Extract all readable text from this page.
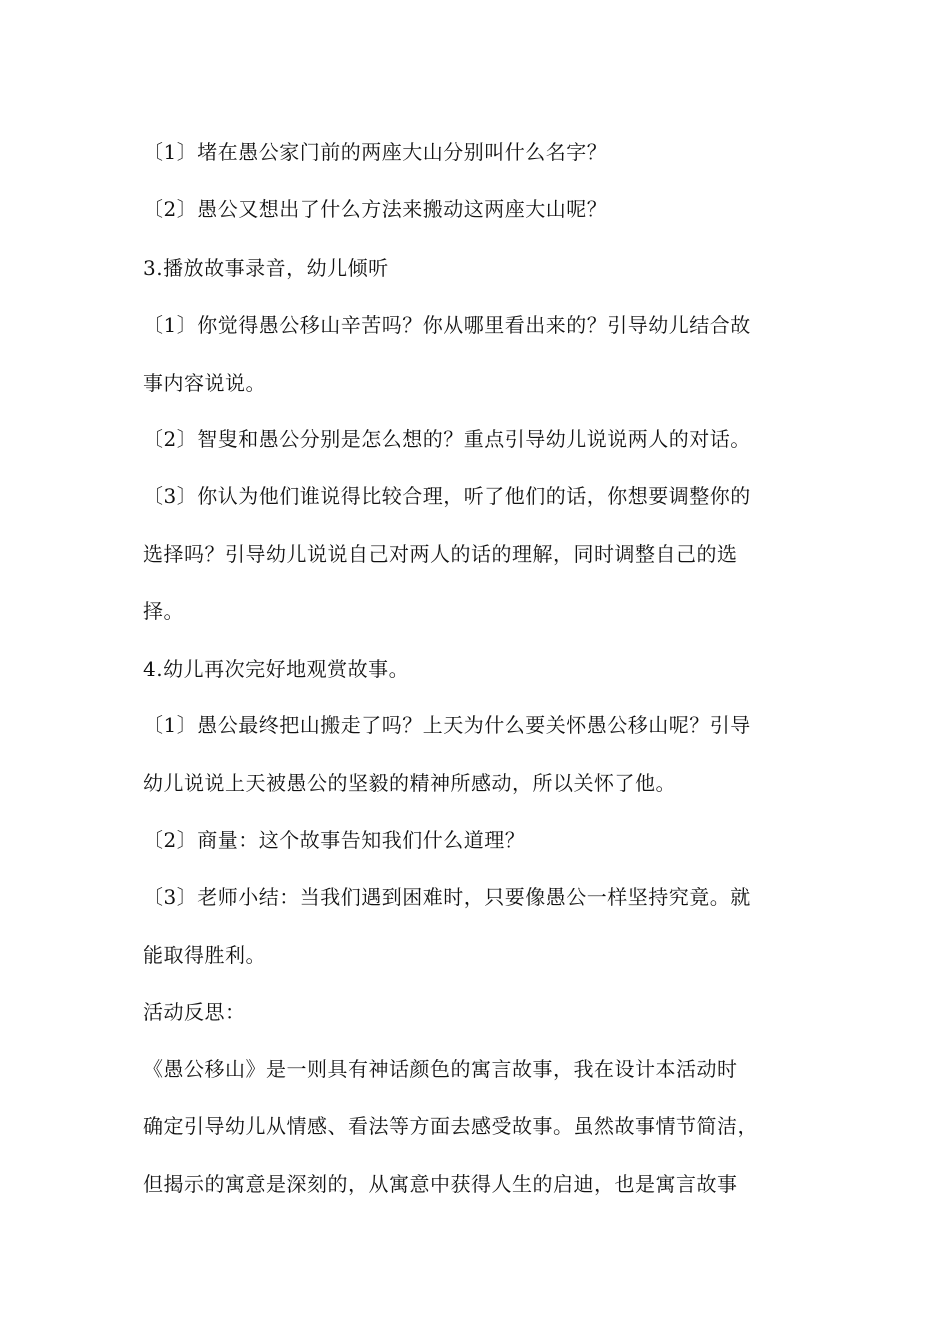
〔1〕堵在愚公家门前的两座大山分别叫什么名字？
〔2〕愚公又想出了什么方法来搬动这两座大山呢？
3.播放故事录音，幼儿倾听
〔1〕你觉得愚公移山辛苦吗？你从哪里看出来的？引导幼儿结合故
事内容说说。
〔2〕智叟和愚公分别是怎么想的？重点引导幼儿说说两人的对话。
〔3〕你认为他们谁说得比较合理，听了他们的话，你想要调整你的
选择吗？引导幼儿说说自己对两人的话的理解，同时调整自己的选
择。
4.幼儿再次完好地观赏故事。
〔1〕愚公最终把山搬走了吗？上天为什么要关怀愚公移山呢？引导
幼儿说说上天被愚公的坚毅的精神所感动，所以关怀了他。
〔2〕商量：这个故事告知我们什么道理？
〔3〕老师小结：当我们遇到困难时，只要像愚公一样坚持究竟。就
能取得胜利。
活动反思：
《愚公移山》是一则具有神话颜色的寓言故事，我在设计本活动时
确定引导幼儿从情感、看法等方面去感受故事。虽然故事情节简洁，
但揭示的寓意是深刻的，从寓意中获得人生的启迪，也是寓言故事
